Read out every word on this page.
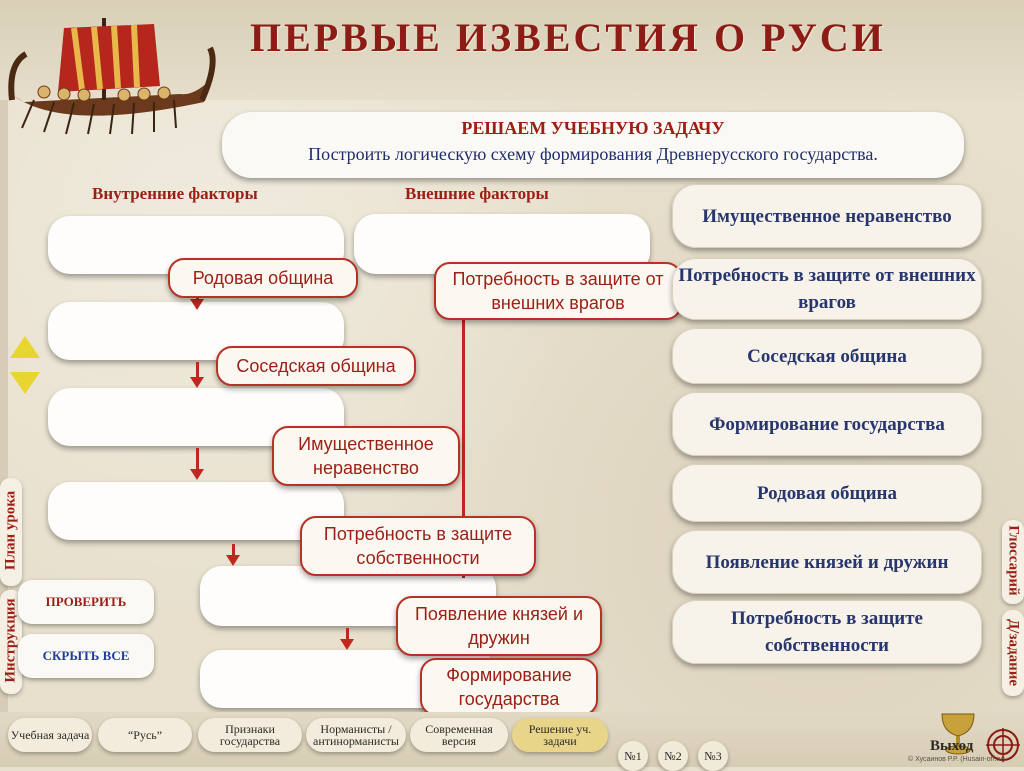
ПЕРВЫЕ ИЗВЕСТИЯ О РУСИ
РЕШАЕМ УЧЕБНУЮ ЗАДАЧУ
Построить логическую схему формирования Древнерусского государства.
Внутренние факторы	Внешние факторы
Родовая община	Потребность в защите от внешних врагов
Соседская община
Имущественное неравенство
Потребность в защите собственности
Появление князей и дружин
Формирование государства
Имущественное неравенство
Потребность в защите от внешних врагов
Соседская община
Формирование государства
Родовая община
Появление князей и дружин
Потребность в защите собственности
План урока
Инструкция
Глоссарий
Д/задание
ПРОВЕРИТЬ
СКРЫТЬ ВСЕ
Учебная задача	“Русь”	Признаки государства
Норманисты / антинорманисты
Современная версия
Решение уч. задачи
№1	№2	№3
Выход
© Хусаинов Р.Р. (Husain-off.ru)
